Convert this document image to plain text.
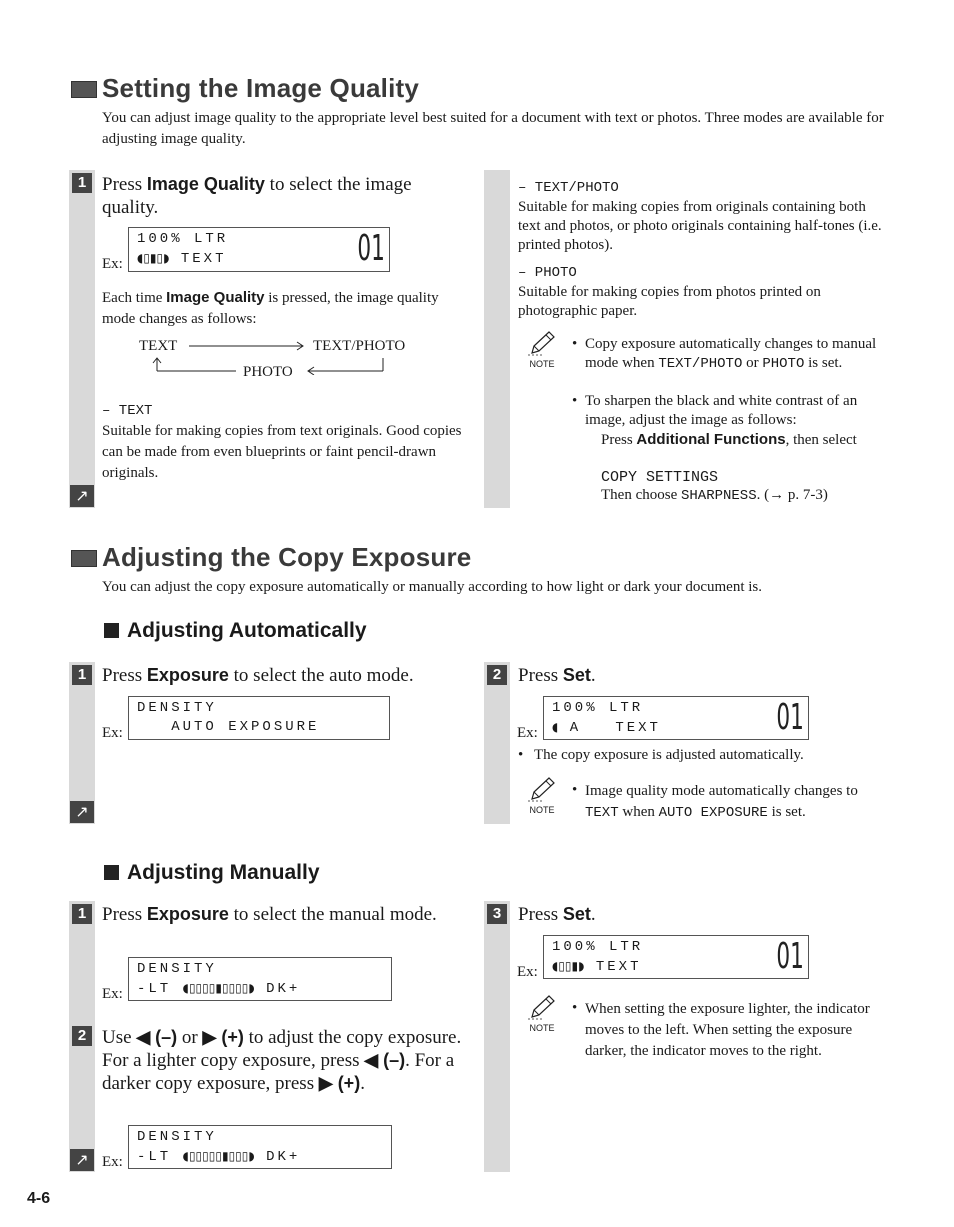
Setting the Image Quality
You can adjust image quality to the appropriate level best suited for a document with text or photos. Three modes are available for adjusting image quality.
1
↗
Press Image Quality to select the image quality.
Ex:
100% LTR
◖▯▮▯◗ TEXT	01
Each time Image Quality is pressed, the image quality mode changes as follows:
TEXT	TEXT/PHOTO
PHOTO
– TEXT
Suitable for making copies from text originals. Good copies can be made from even blueprints or faint pencil-drawn originals.
– TEXT/PHOTO
Suitable for making copies from originals containing both text and photos, or photo originals containing half-tones (i.e. printed photos).
– PHOTO
Suitable for making copies from photos printed on photographic paper.
NOTE
• Copy exposure automatically changes to manual mode when TEXT/PHOTO or PHOTO is set.
• To sharpen the black and white contrast of an image, adjust the image as follows:
Press Additional Functions, then select
COPY SETTINGS
Then choose SHARPNESS. (→ p. 7-3)
Adjusting the Copy Exposure
You can adjust the copy exposure automatically or manually according to how light or dark your document is.
Adjusting Automatically
1
↗
Press Exposure to select the auto mode.
Ex:
DENSITY
AUTO EXPOSURE
2 Press Set.
Ex:
100% LTR
◖ A   TEXT	01
• The copy exposure is adjusted automatically.
NOTE
• Image quality mode automatically changes to TEXT when AUTO EXPOSURE is set.
Adjusting Manually
1 Press Exposure to select the manual mode.
Ex:
DENSITY
-LT ◖▯▯▯▯▮▯▯▯▯◗ DK+
2 Use ◀ (–) or ▶ (+) to adjust the copy exposure. For a lighter copy exposure, press ◀ (–). For a darker copy exposure, press ▶ (+).
↗ Ex:
DENSITY
-LT ◖▯▯▯▯▯▮▯▯▯◗ DK+
3 Press Set.
Ex:
100% LTR
◖▯▯▮◗ TEXT	01
NOTE
• When setting the exposure lighter, the indicator moves to the left. When setting the exposure darker, the indicator moves to the right.
4-6
